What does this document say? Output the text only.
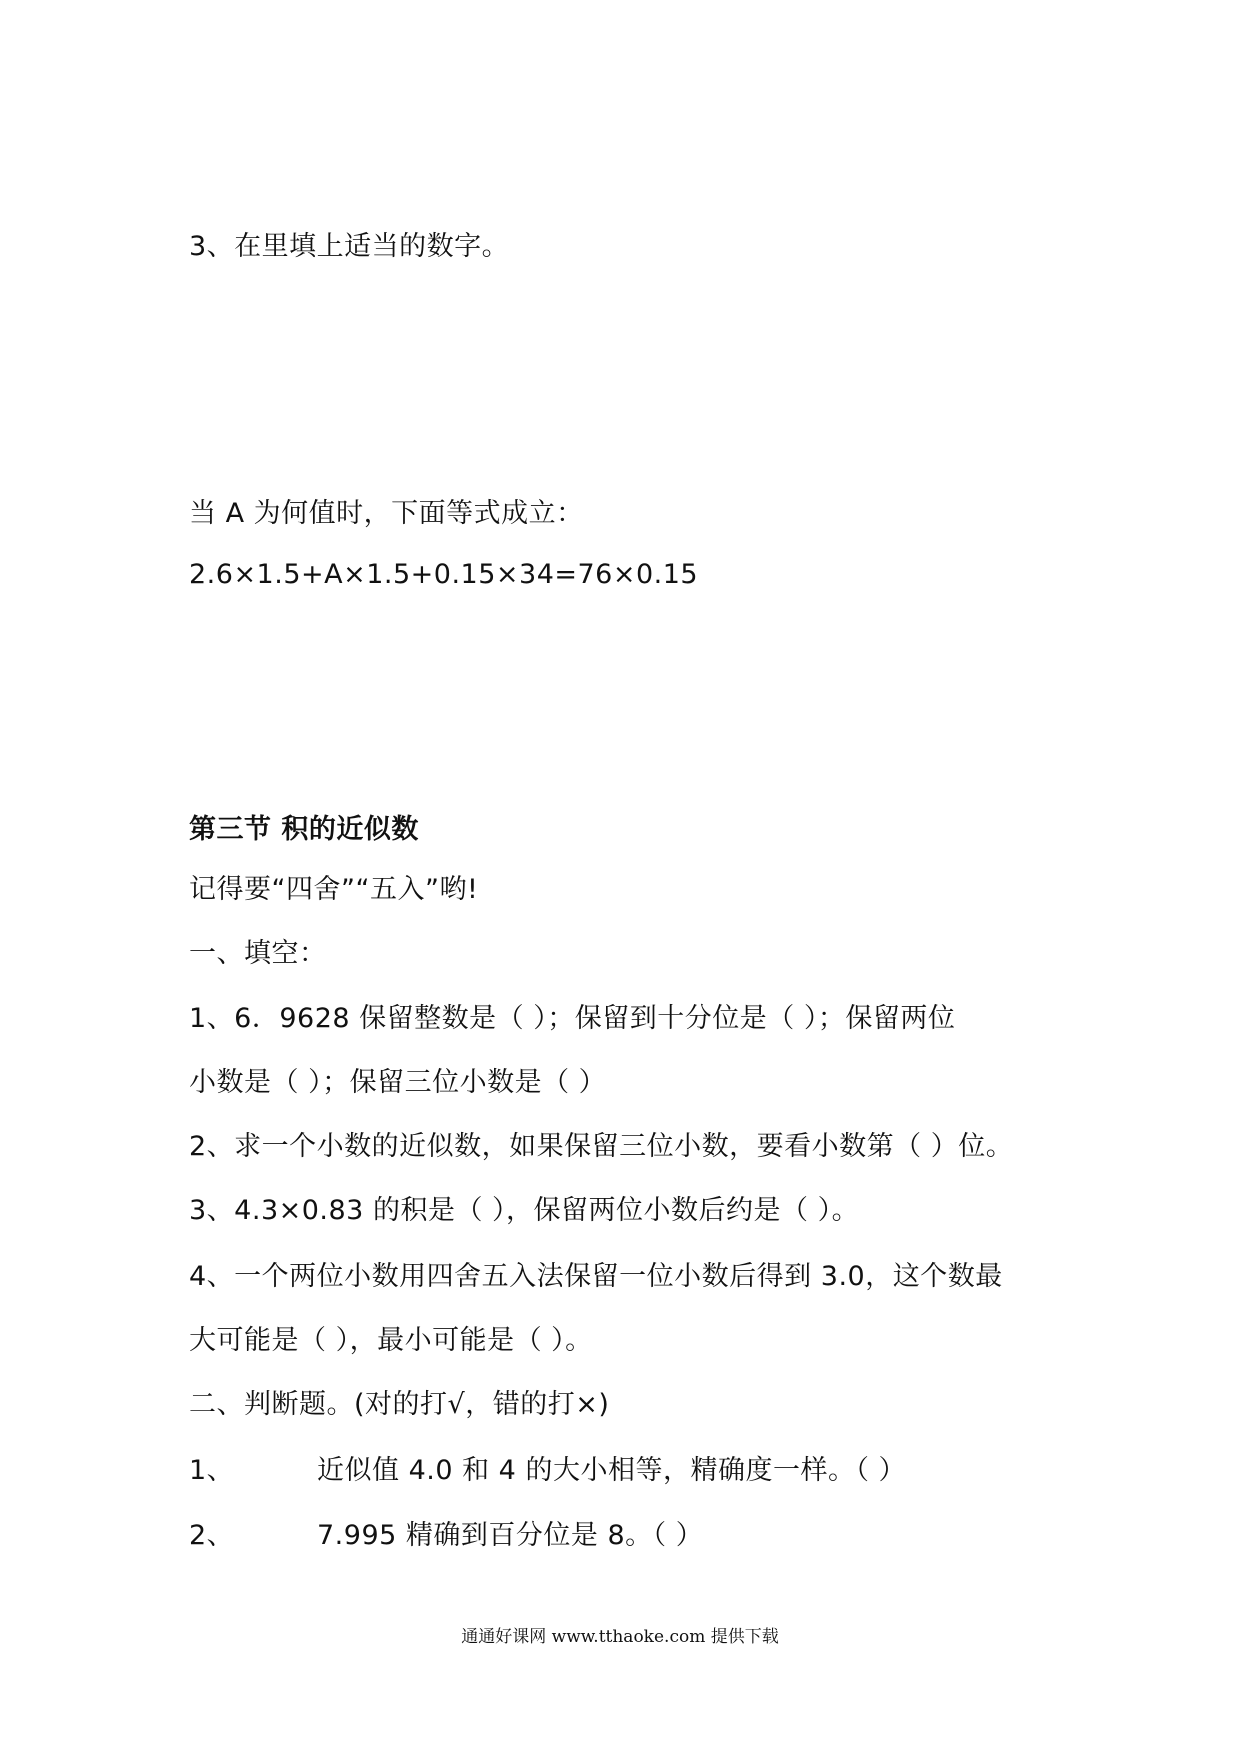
3、在里填上适当的数字。
当 A 为何值时，下面等式成立：
2.6×1.5+A×1.5+0.15×34=76×0.15
第三节 积的近似数
记得要“四舍”“五入”哟!
一、填空：
1、6．9628 保留整数是（ ）；保留到十分位是（ ）；保留两位
小数是（ ）；保留三位小数是（ ）
2、求一个小数的近似数，如果保留三位小数，要看小数第（ ）位。
3、4.3×0.83 的积是（ ），保留两位小数后约是（ ）。
4、一个两位小数用四舍五入法保留一位小数后得到 3.0，这个数最
大可能是（ ），最小可能是（ ）。
二、判断题。(对的打√，错的打×)
1、	近似值 4.0 和 4 的大小相等，精确度一样。（ ）
2、	7.995 精确到百分位是 8。（ ）
通通好课网 www.tthaoke.com 提供下载
